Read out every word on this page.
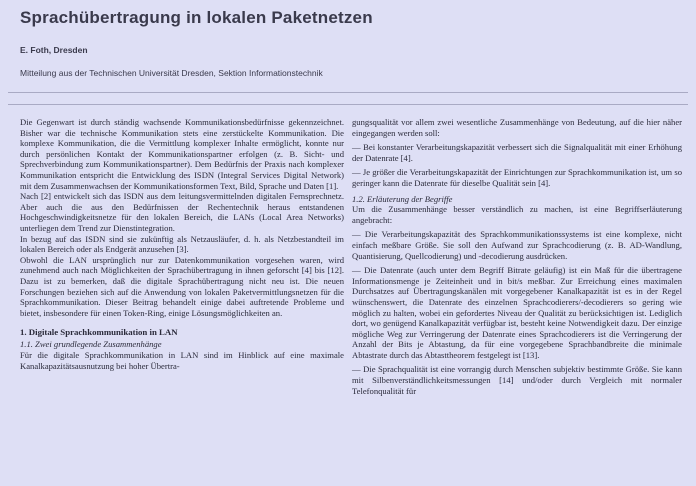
Sprachübertragung in lokalen Paketnetzen
E. Foth, Dresden
Mitteilung aus der Technischen Universität Dresden, Sektion Informationstechnik

Die Gegenwart ist durch ständig wachsende Kommunikationsbedürfnisse gekennzeichnet. Bisher war die technische Kommunikation stets eine zerstückelte Kommunikation. Die komplexe Kommunikation, die die Vermittlung komplexer Inhalte ermöglicht, konnte nur durch persönlichen Kontakt der Kommunikationspartner erfolgen (z. B. Sicht- und Sprechverbindung zum Kommunikationspartner). Dem Bedürfnis der Praxis nach komplexer Kommunikation entspricht die Entwicklung des ISDN (Integral Services Digital Network) mit dem Zusammenwachsen der Kommunikationsformen Text, Bild, Sprache und Daten [1].

Nach [2] entwickelt sich das ISDN aus dem leitungsvermittelnden digitalen Fernsprechnetz. Aber auch die aus den Bedürfnissen der Rechentechnik heraus entstandenen Hochgeschwindigkeitsnetze für den lokalen Bereich, die LANs (Local Area Networks) unterliegen dem Trend zur Dienstintegration.

In bezug auf das ISDN sind sie zukünftig als Netzausläufer, d. h. als Netzbestandteil im lokalen Bereich oder als Endgerät anzusehen [3].

Obwohl die LAN ursprünglich nur zur Datenkommunikation vorgesehen waren, wird zunehmend auch nach Möglichkeiten der Sprachübertragung in ihnen geforscht [4] bis [12]. Dazu ist zu bemerken, daß die digitale Sprachübertragung nicht neu ist. Die neuen Forschungen beziehen sich auf die Anwendung von lokalen Paketvermittlungsnetzen für die Sprachkommunikation. Dieser Beitrag behandelt einige dabei auftretende Probleme und bietet, insbesondere für einen Token-Ring, einige Lösungsmöglichkeiten an.

1. Digitale Sprachkommunikation in LAN

1.1. Zwei grundlegende Zusammenhänge

Für die digitale Sprachkommunikation in LAN sind im Hinblick auf eine maximale Kanalkapazitätsausnutzung bei hoher Übertra-

gungsqualität vor allem zwei wesentliche Zusammenhänge von Bedeutung, auf die hier näher eingegangen werden soll:

— Bei konstanter Verarbeitungskapazität verbessert sich die Signalqualität mit einer Erhöhung der Datenrate [4].

— Je größer die Verarbeitungskapazität der Einrichtungen zur Sprachkommunikation ist, um so geringer kann die Datenrate für dieselbe Qualität sein [4].

1.2. Erläuterung der Begriffe

Um die Zusammenhänge besser verständlich zu machen, ist eine Begriffserläuterung angebracht:

— Die Verarbeitungskapazität des Sprachkommunikationssystems ist eine komplexe, nicht einfach meßbare Größe. Sie soll den Aufwand zur Sprachcodierung (z. B. AD-Wandlung, Quantisierung, Quellcodierung) und -decodierung ausdrücken.

— Die Datenrate (auch unter dem Begriff Bitrate geläufig) ist ein Maß für die übertragene Informationsmenge je Zeiteinheit und in bit/s meßbar. Zur Erreichung eines maximalen Durchsatzes auf Übertragungskanälen mit vorgegebener Kanalkapazität ist es in der Regel wünschenswert, die Datenrate des einzelnen Sprachcodierers/-decodierers so gering wie möglich zu halten, wobei ein gefordertes Niveau der Qualität zu berücksichtigen ist. Lediglich dort, wo genügend Kanalkapazität verfügbar ist, besteht keine Notwendigkeit dazu. Der einzige mögliche Weg zur Verringerung der Datenrate eines Sprachcodierers ist die Verringerung der Anzahl der Bits je Abtastung, da für eine vorgegebene Sprachbandbreite die minimale Abtastrate durch das Abtasttheorem festgelegt ist [13].

— Die Sprachqualität ist eine vorrangig durch Menschen subjektiv bestimmte Größe. Sie kann mit Silbenverständlichkeitsmessungen [14] und/oder durch Vergleich mit normaler Telefonqualität für
